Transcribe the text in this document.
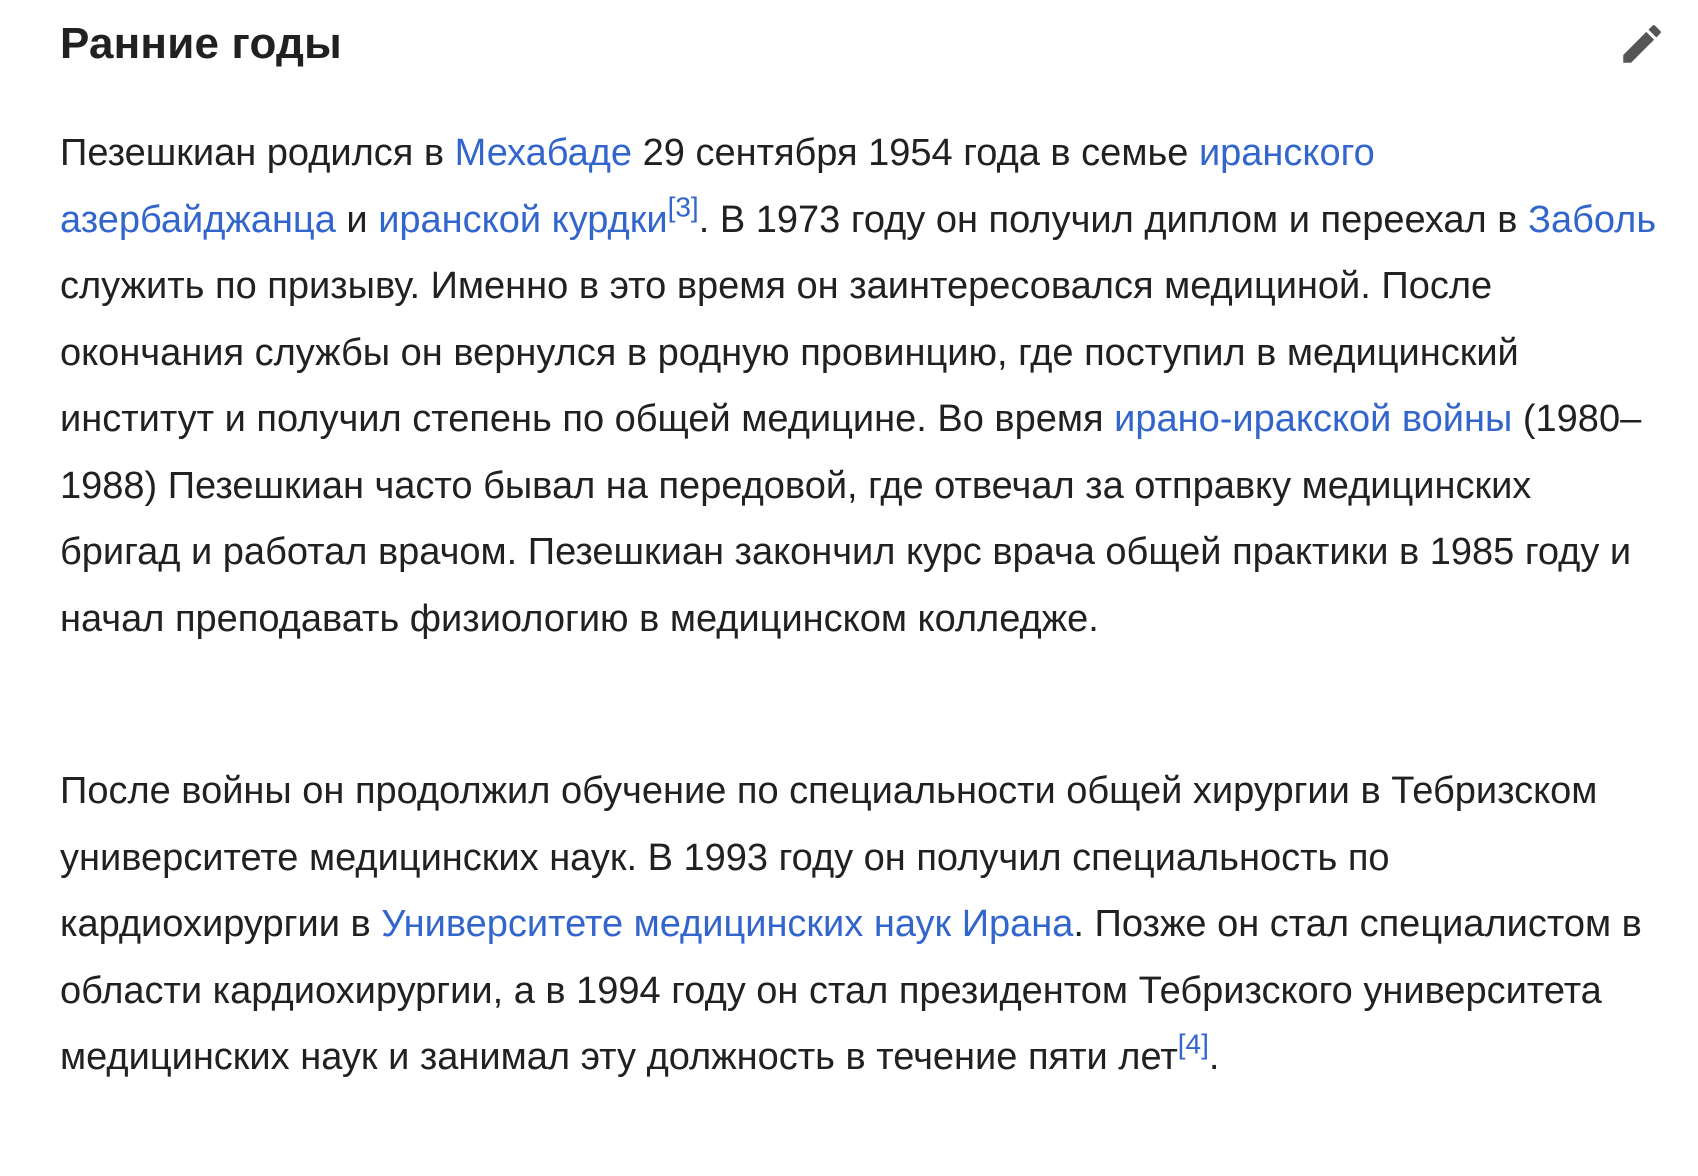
Ранние годы

Пезешкиан родился в Мехабаде 29 сентября 1954 года в семье иранского азербайджанца и иранской курдки[3]. В 1973 году он получил диплом и переехал в Заболь служить по призыву. Именно в это время он заинтересовался медициной. После окончания службы он вернулся в родную провинцию, где поступил в медицинский институт и получил степень по общей медицине. Во время ирано-иракской войны (1980–1988) Пезешкиан часто бывал на передовой, где отвечал за отправку медицинских бригад и работал врачом. Пезешкиан закончил курс врача общей практики в 1985 году и начал преподавать физиологию в медицинском колледже.

После войны он продолжил обучение по специальности общей хирургии в Тебризском университете медицинских наук. В 1993 году он получил специальность по кардиохирургии в Университете медицинских наук Ирана. Позже он стал специалистом в области кардиохирургии, а в 1994 году он стал президентом Тебризского университета медицинских наук и занимал эту должность в течение пяти лет[4].
